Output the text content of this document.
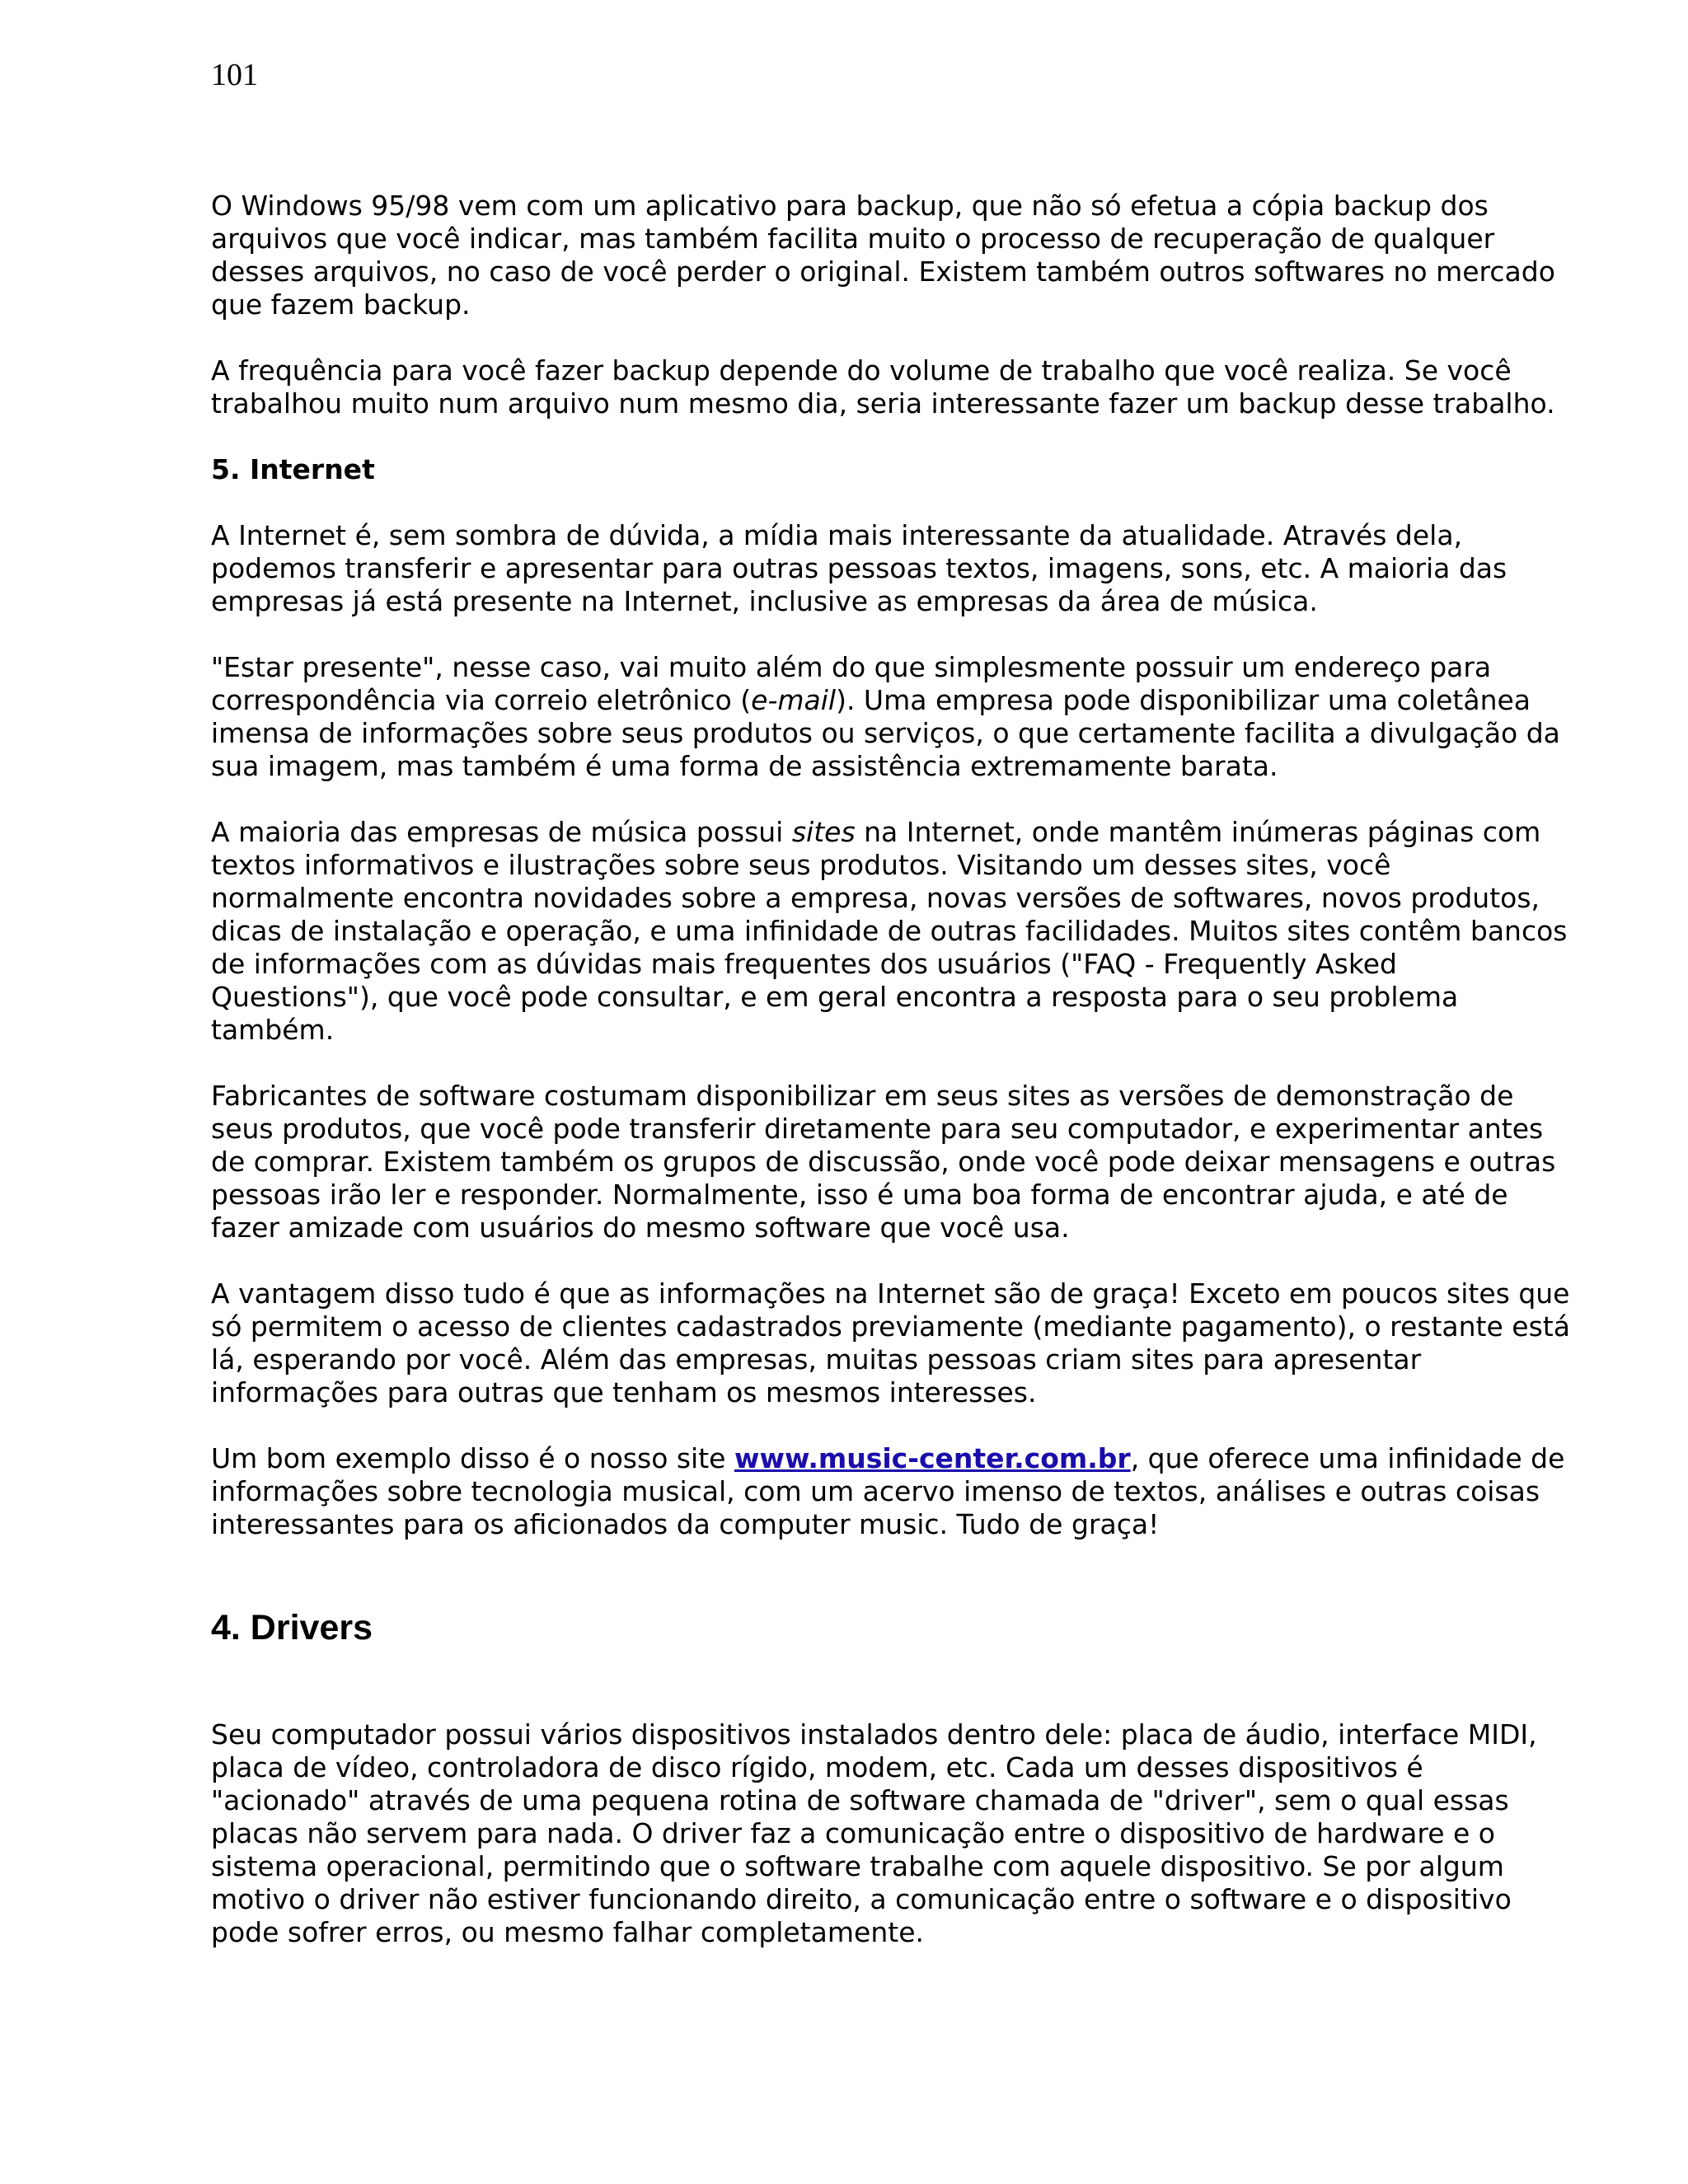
101

O Windows 95/98 vem com um aplicativo para backup, que não só efetua a cópia backup dos arquivos que você indicar, mas também facilita muito o processo de recuperação de qualquer desses arquivos, no caso de você perder o original. Existem também outros softwares no mercado que fazem backup.

A frequência para você fazer backup depende do volume de trabalho que você realiza. Se você trabalhou muito num arquivo num mesmo dia, seria interessante fazer um backup desse trabalho.

5. Internet

A Internet é, sem sombra de dúvida, a mídia mais interessante da atualidade. Através dela, podemos transferir e apresentar para outras pessoas textos, imagens, sons, etc. A maioria das empresas já está presente na Internet, inclusive as empresas da área de música.

"Estar presente", nesse caso, vai muito além do que simplesmente possuir um endereço para correspondência via correio eletrônico (e-mail). Uma empresa pode disponibilizar uma coletânea imensa de informações sobre seus produtos ou serviços, o que certamente facilita a divulgação da sua imagem, mas também é uma forma de assistência extremamente barata.

A maioria das empresas de música possui sites na Internet, onde mantêm inúmeras páginas com textos informativos e ilustrações sobre seus produtos. Visitando um desses sites, você normalmente encontra novidades sobre a empresa, novas versões de softwares, novos produtos, dicas de instalação e operação, e uma infinidade de outras facilidades. Muitos sites contêm bancos de informações com as dúvidas mais frequentes dos usuários ("FAQ - Frequently Asked Questions"), que você pode consultar, e em geral encontra a resposta para o seu problema também.

Fabricantes de software costumam disponibilizar em seus sites as versões de demonstração de seus produtos, que você pode transferir diretamente para seu computador, e experimentar antes de comprar. Existem também os grupos de discussão, onde você pode deixar mensagens e outras pessoas irão ler e responder. Normalmente, isso é uma boa forma de encontrar ajuda, e até de fazer amizade com usuários do mesmo software que você usa.

A vantagem disso tudo é que as informações na Internet são de graça! Exceto em poucos sites que só permitem o acesso de clientes cadastrados previamente (mediante pagamento), o restante está lá, esperando por você. Além das empresas, muitas pessoas criam sites para apresentar informações para outras que tenham os mesmos interesses.

Um bom exemplo disso é o nosso site www.music-center.com.br, que oferece uma infinidade de informações sobre tecnologia musical, com um acervo imenso de textos, análises e outras coisas interessantes para os aficionados da computer music. Tudo de graça!

4. Drivers

Seu computador possui vários dispositivos instalados dentro dele: placa de áudio, interface MIDI, placa de vídeo, controladora de disco rígido, modem, etc. Cada um desses dispositivos é "acionado" através de uma pequena rotina de software chamada de "driver", sem o qual essas placas não servem para nada. O driver faz a comunicação entre o dispositivo de hardware e o sistema operacional, permitindo que o software trabalhe com aquele dispositivo. Se por algum motivo o driver não estiver funcionando direito, a comunicação entre o software e o dispositivo pode sofrer erros, ou mesmo falhar completamente.
